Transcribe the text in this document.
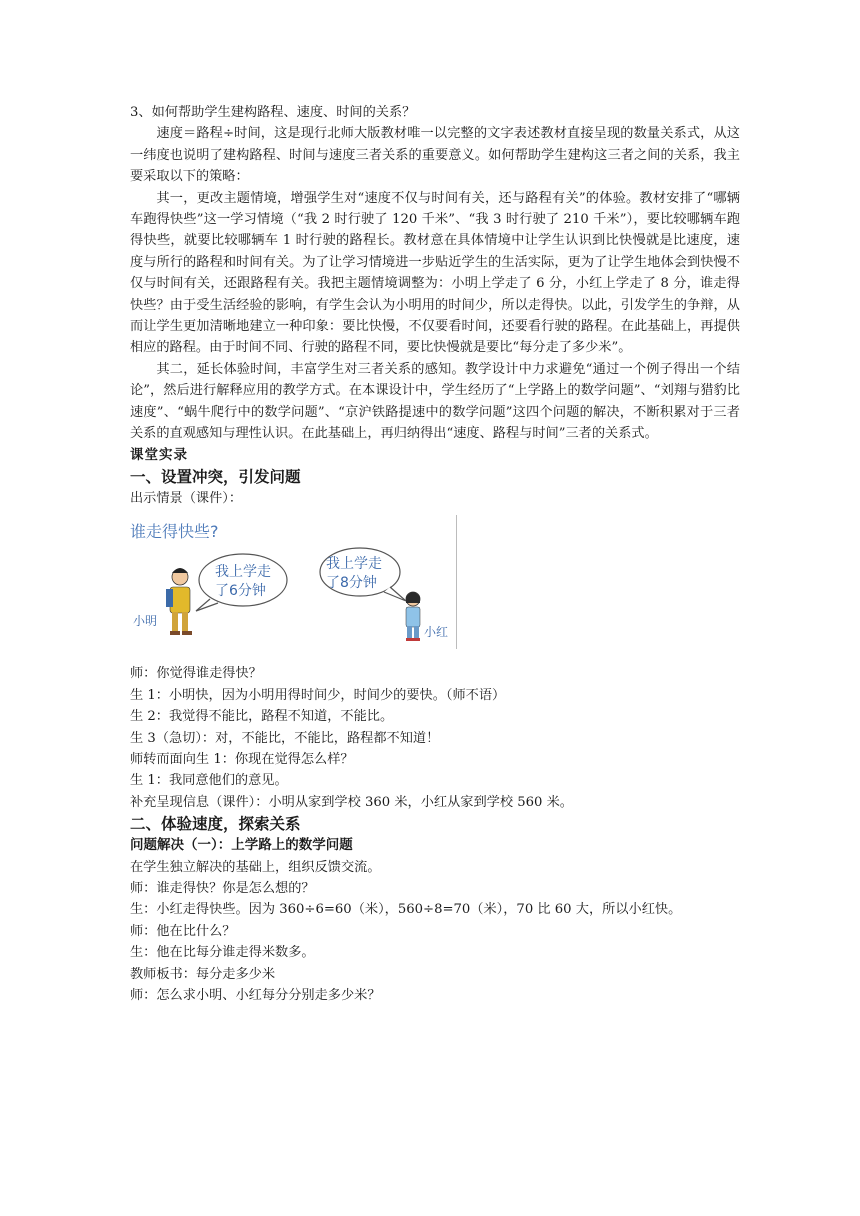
3、如何帮助学生建构路程、速度、时间的关系？

速度＝路程÷时间，这是现行北师大版教材唯一以完整的文字表述教材直接呈现的数量关系式，从这一纬度也说明了建构路程、时间与速度三者关系的重要意义。如何帮助学生建构这三者之间的关系，我主要采取以下的策略：

其一，更改主题情境，增强学生对“速度不仅与时间有关，还与路程有关”的体验。教材安排了“哪辆车跑得快些”这一学习情境（“我 2 时行驶了 120 千米”、“我 3 时行驶了 210 千米”），要比较哪辆车跑得快些，就要比较哪辆车 1 时行驶的路程长。教材意在具体情境中让学生认识到比快慢就是比速度，速度与所行的路程和时间有关。为了让学习情境进一步贴近学生的生活实际，更为了让学生地体会到快慢不仅与时间有关，还跟路程有关。我把主题情境调整为：小明上学走了 6 分，小红上学走了 8 分，谁走得快些？由于受生活经验的影响，有学生会认为小明用的时间少，所以走得快。以此，引发学生的争辩，从而让学生更加清晰地建立一种印象：要比快慢，不仅要看时间，还要看行驶的路程。在此基础上，再提供相应的路程。由于时间不同、行驶的路程不同，要比快慢就是要比“每分走了多少米”。

其二，延长体验时间，丰富学生对三者关系的感知。教学设计中力求避免“通过一个例子得出一个结论”，然后进行解释应用的教学方式。在本课设计中，学生经历了“上学路上的数学问题”、“刘翔与猎豹比速度”、“蜗牛爬行中的数学问题”、“京沪铁路提速中的数学问题”这四个问题的解决，不断积累对于三者关系的直观感知与理性认识。在此基础上，再归纳得出“速度、路程与时间”三者的关系式。

课堂实录

一、设置冲突，引发问题

出示情景（课件）：

谁走得快些?
我上学走
了6分钟
我上学走
了8分钟
小明
小红

师：你觉得谁走得快？

生 1：小明快，因为小明用得时间少，时间少的要快。（师不语）

生 2：我觉得不能比，路程不知道，不能比。

生 3（急切）：对，不能比，不能比，路程都不知道！

师转而面向生 1：你现在觉得怎么样？

生 1：我同意他们的意见。

补充呈现信息（课件）：小明从家到学校 360 米，小红从家到学校 560 米。

二、体验速度，探索关系

问题解决（一）：上学路上的数学问题

在学生独立解决的基础上，组织反馈交流。

师：谁走得快？你是怎么想的？

生：小红走得快些。因为 360÷6=60（米），560÷8=70（米），70 比 60 大，所以小红快。

师：他在比什么？

生：他在比每分谁走得米数多。

教师板书：每分走多少米

师：怎么求小明、小红每分分别走多少米？
